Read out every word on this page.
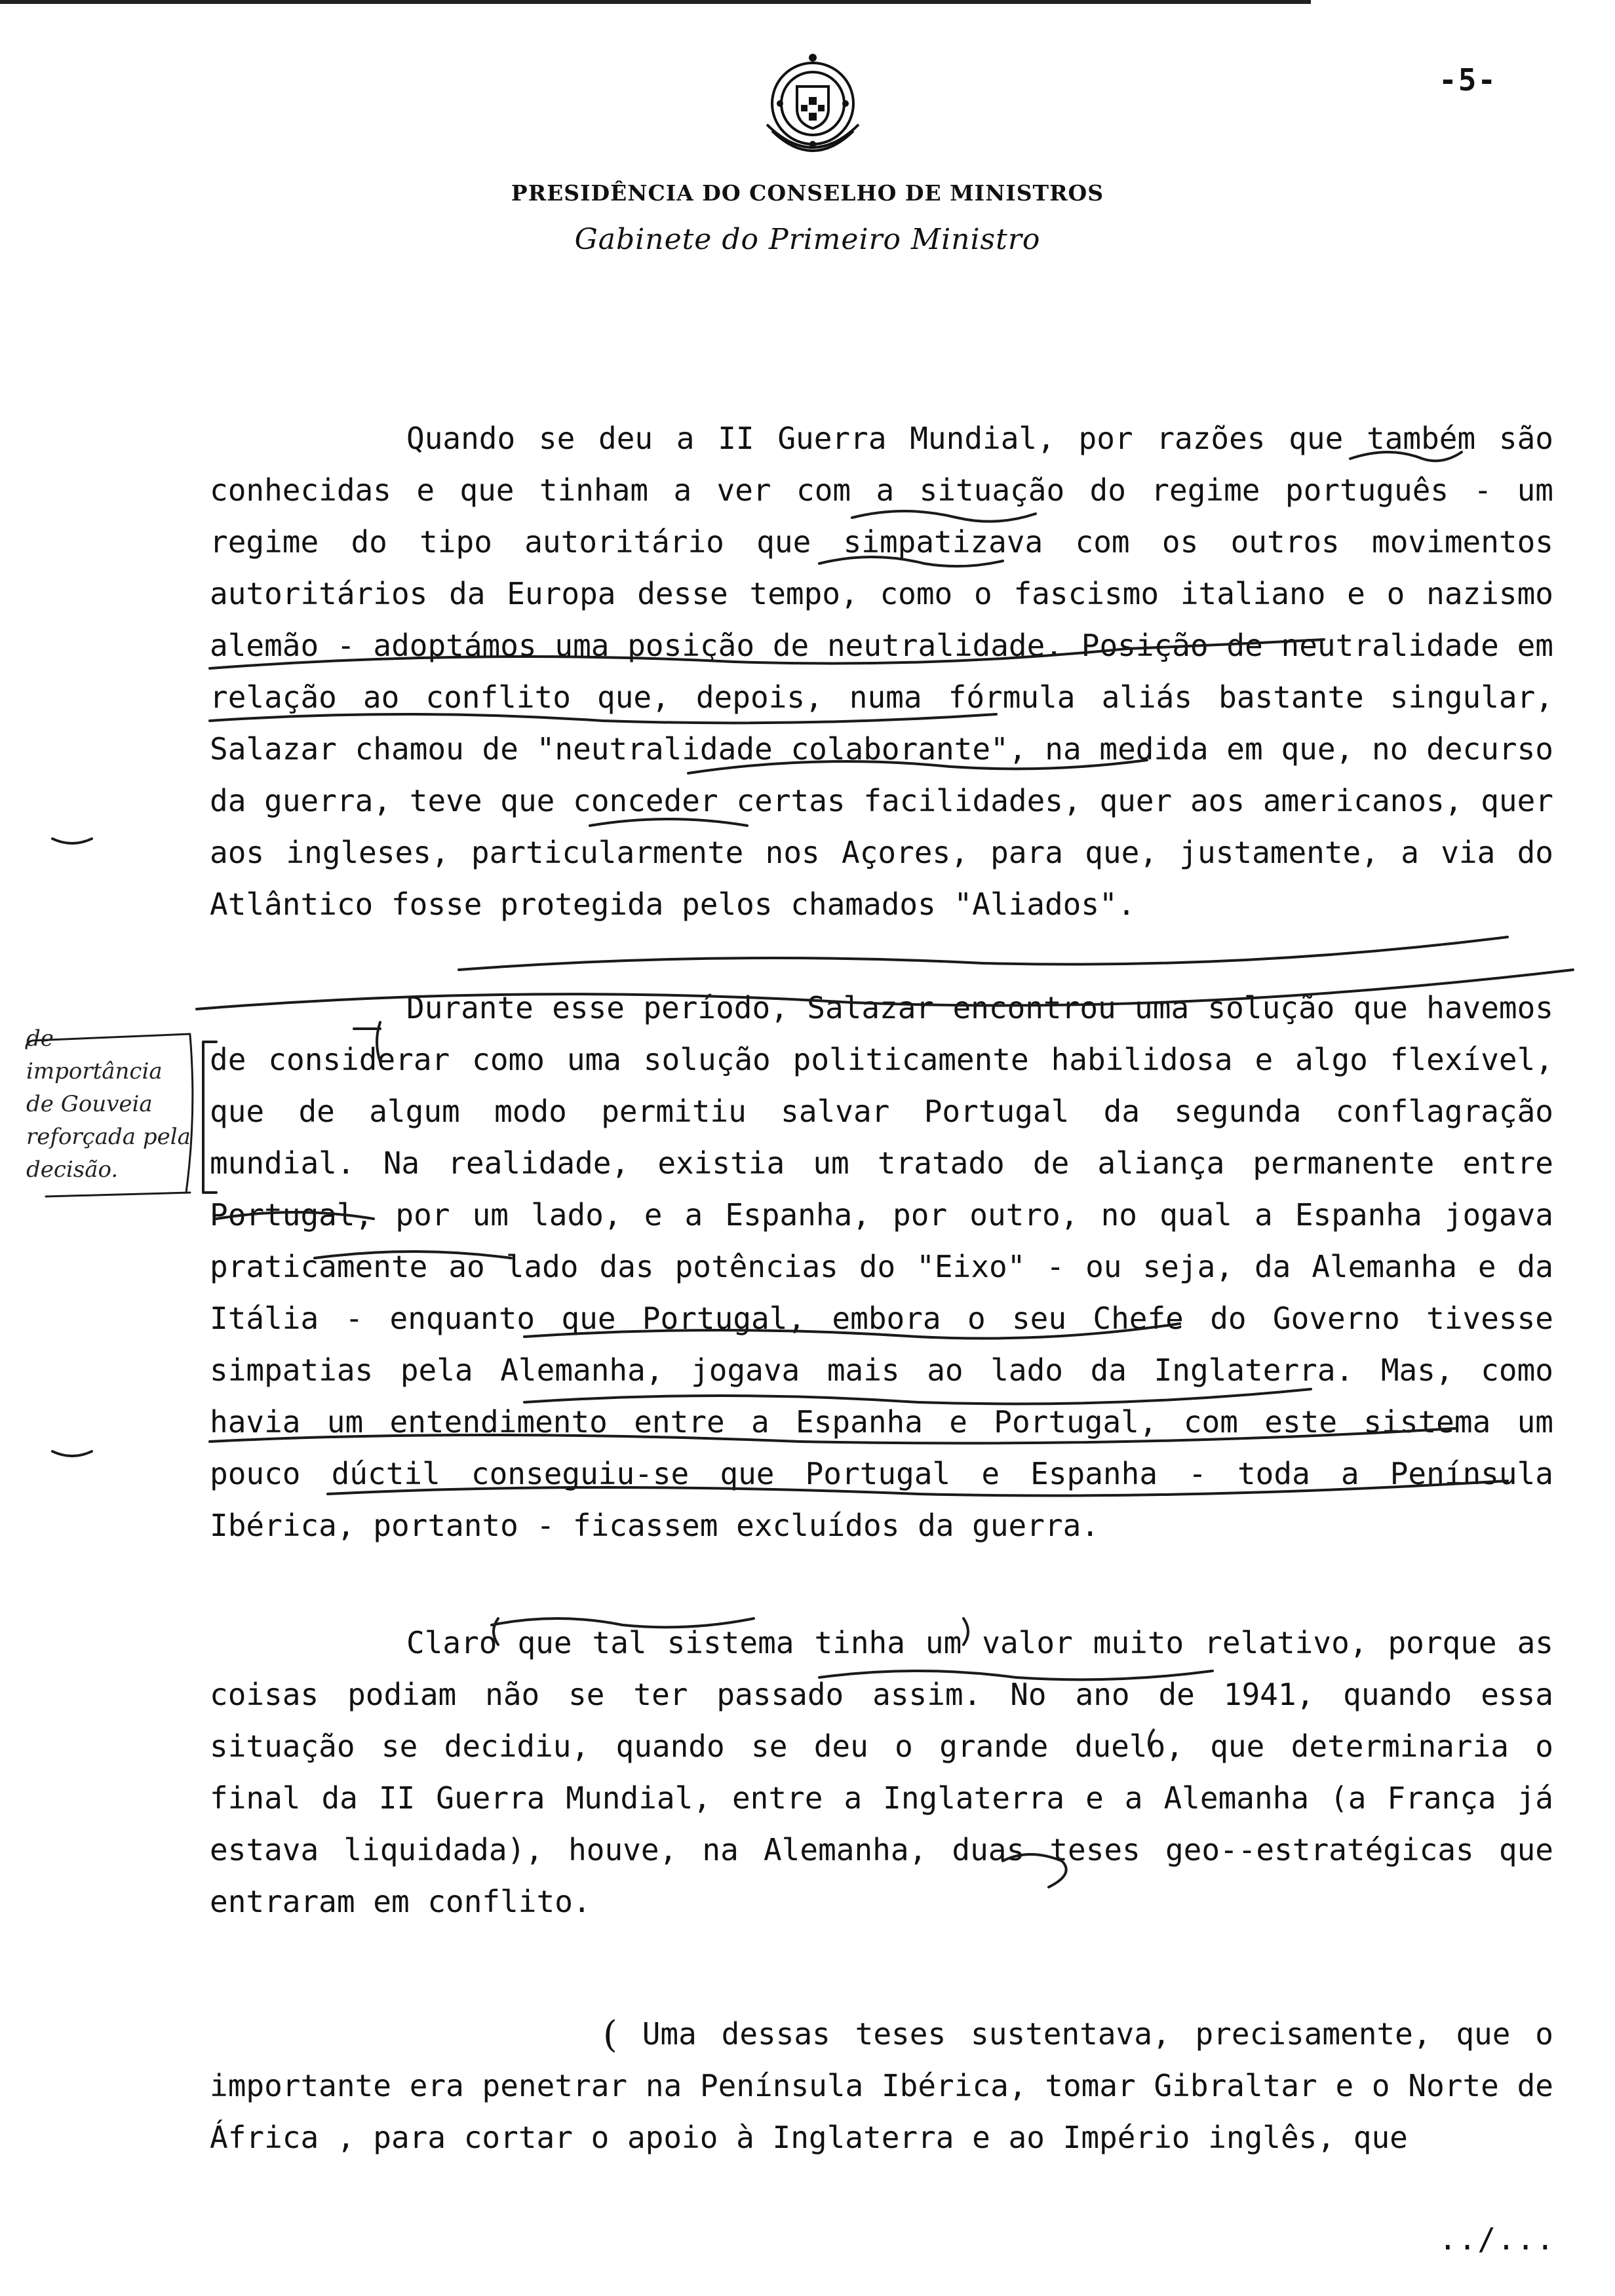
-5-
PRESIDÊNCIA DO CONSELHO DE MINISTROS
Gabinete do Primeiro Ministro

Quando se deu a II Guerra Mundial, por razões que também são conhecidas e que tinham a ver com a situação do regime português - um regime do tipo autoritário que simpatizava com os outros movimentos autoritários da Europa desse tempo, como o fascismo italiano e o nazismo alemão - adoptámos uma posição de neutralidade. Posição de neutralidade em relação ao conflito que, depois, numa fórmula aliás bastante singular, Salazar chamou de "neutralidade colaborante", na medida em que, no decurso da guerra, teve que conceder certas facilidades, quer aos americanos, quer aos ingleses, particularmente nos Açores, para que, justamente, a via do Atlântico fosse protegida pelos chamados "Aliados".

Durante esse período, Salazar encontrou uma solução que havemos de considerar como uma solução politicamente habilidosa e algo flexível, que de algum modo permitiu salvar Portugal da segunda conflagração mundial. Na realidade, existia um tratado de aliança permanente entre Portugal, por um lado, e a Espanha, por outro, no qual a Espanha jogava praticamente ao lado das potências do "Eixo" - ou seja, da Alemanha e da Itália - enquanto que Portugal, embora o seu Chefe do Governo tivesse simpatias pela Alemanha, jogava mais ao lado da Inglaterra. Mas, como havia um entendimento entre a Espanha e Portugal, com este sistema um pouco dúctil conseguiu-se que Portugal e Espanha - toda a Península Ibérica, portanto - ficassem excluídos da guerra.

Claro que tal sistema tinha um valor muito relativo, porque as coisas podiam não se ter passado assim. No ano de 1941, quando essa situação se decidiu, quando se deu o grande duelo, que determinaria o final da II Guerra Mundial, entre a Inglaterra e a Alemanha (a França já estava liquidada), houve, na Alemanha, duas teses geo--estratégicas que entraram em conflito.

( Uma dessas teses sustentava, precisamente, que o importante era penetrar na Península Ibérica, tomar Gibraltar e o Norte de África , para cortar o apoio à Inglaterra e ao Império inglês, que

de importância de Gouveia reforçada pela decisão.
../...
